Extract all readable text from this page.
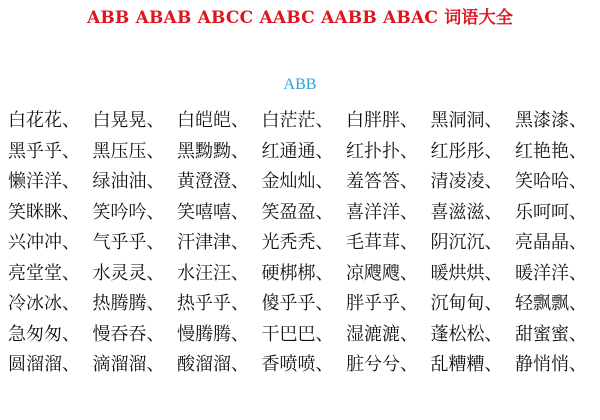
ABB ABAB ABCC AABC AABB ABAC 词语大全
ABB
白花花、 白晃晃、 白皑皑、 白茫茫、 白胖胖、 黑洞洞、 黑漆漆、
黑乎乎、 黑压压、 黑黝黝、 红通通、 红扑扑、 红彤彤、 红艳艳、
懒洋洋、 绿油油、 黄澄澄、 金灿灿、 羞答答、 清凌凌、 笑哈哈、
笑眯眯、 笑吟吟、 笑嘻嘻、 笑盈盈、 喜洋洋、 喜滋滋、 乐呵呵、
兴冲冲、 气乎乎、 汗津津、 光秃秃、 毛茸茸、 阴沉沉、 亮晶晶、
亮堂堂、 水灵灵、 水汪汪、 硬梆梆、 凉飕飕、 暖烘烘、 暖洋洋、
冷冰冰、 热腾腾、 热乎乎、 傻乎乎、 胖乎乎、 沉甸甸、 轻飘飘、
急匆匆、 慢吞吞、 慢腾腾、 干巴巴、 湿漉漉、 蓬松松、 甜蜜蜜、
圆溜溜、 滴溜溜、 酸溜溜、 香喷喷、 脏兮兮、 乱糟糟、 静悄悄、
